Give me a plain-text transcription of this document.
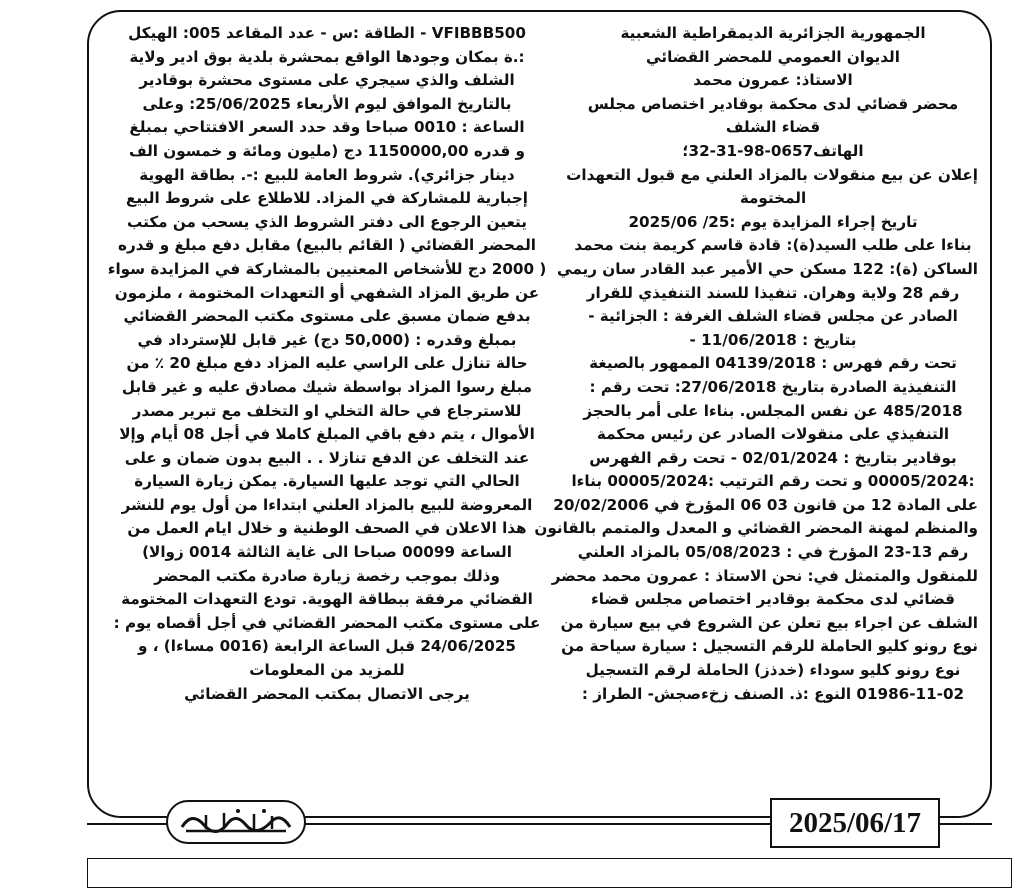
الجمهورية الجزائرية الديمقراطية الشعبية
الديوان العمومي للمحضر القضائي
الاستاذ: عمرون محمد
محضر قضائي لدى محكمة بوقادير اختصاص مجلس
قضاء الشلف
الهاتف0657-98-31-32؛
إعلان عن بيع منقولات بالمزاد العلني مع قبول التعهدات
المختومة
تاريخ إجراء المزايدة يوم :25/ 2025/06
بناءا على طلب السيد(ة): قادة قاسم كريمة بنت محمد
الساكن (ة): 122 مسكن حي الأمير عبد القادر سان ريمي
رقم 28 ولاية وهران. تنفيذا للسند التنفيذي للقرار
الصادر عن مجلس قضاء الشلف الغرفة : الجزائية -
بتاريخ : 11/06/2018 -
تحت رقم فهرس : 04139/2018 الممهور بالصيغة
التنفيذية الصادرة بتاريخ 27/06/2018: تحت رقم :
485/2018 عن نفس المجلس. بناءا على أمر بالحجز
التنفيذي على منقولات الصادر عن رئيس محكمة
بوقادير بتاريخ : 02/01/2024 - تحت رقم الفهرس
:00005/2024 و تحت رقم الترتيب :00005/2024 بناءا
على المادة 12 من قانون 03 06 المؤرخ في 20/02/2006
والمنظم لمهنة المحضر القضائي و المعدل والمتمم بالقانون
رقم 13-23 المؤرخ في : 05/08/2023 بالمزاد العلني
للمنقول والمتمثل في: نحن الاستاذ : عمرون محمد محضر
قضائي لدى محكمة بوقادير اختصاص مجلس قضاء
الشلف عن اجراء بيع تعلن عن الشروع في بيع سيارة من
نوع رونو كليو الحاملة للرقم التسجيل : سيارة سياحة من
نوع رونو كليو سوداء (خدذز) الحاملة لرقم التسجيل
01986-11-02 النوع :ذ. الصنف زخءصجش- الطراز :
VFIBBB500 - الطاقة :س - عدد المقاعد 005: الهيكل
:.ة بمكان وجودها الواقع بمحشرة بلدية بوق ادير ولاية
الشلف والذي سيجري على مستوى محشرة بوقادير
بالتاريخ الموافق ليوم الأربعاء 25/06/2025: وعلى
الساعة : 0010 صباحا وقد حدد السعر الافتتاحي بمبلغ
و قدره 1150000,00 دج (مليون ومائة و خمسون الف
دينار جزائري). شروط العامة للبيع :-. بطاقة الهوية
إجبارية للمشاركة في المزاد. للاطلاع على شروط البيع
يتعين الرجوع الى دفتر الشروط الذي يسحب من مكتب
المحضر القضائي ( القائم بالبيع) مقابل دفع مبلغ و قدره
( 2000 دج للأشخاص المعنيين بالمشاركة في المزايدة سواء
عن طريق المزاد الشفهي أو التعهدات المختومة ، ملزمون
بدفع ضمان مسبق على مستوى مكتب المحضر القضائي
بمبلغ وقدره : (50,000 دج) غير قابل للإسترداد في
حالة تنازل على الراسي عليه المزاد دفع مبلغ 20 ٪ من
مبلغ رسوا المزاد بواسطة شيك مصادق عليه و غير قابل
للاسترجاع في حالة التخلي او التخلف مع تبرير مصدر
الأموال ، يتم دفع باقي المبلغ كاملا في أجل 08 أيام وإلا
عند التخلف عن الدفع تنازلا . . البيع بدون ضمان و على
الحالي التي توجد عليها السيارة. يمكن زيارة السيارة
المعروضة للبيع بالمزاد العلني ابتداءا من أول يوم للنشر
هذا الاعلان في الصحف الوطنية و خلال ايام العمل من
الساعة 00099 صباحا الى غاية الثالثة 0014 زوالا)
وذلك بموجب رخصة زيارة صادرة مكتب المحضر
القضائي مرفقة ببطاقة الهوية. تودع التعهدات المختومة
على مستوى مكتب المحضر القضائي في أجل أقصاه يوم :
24/06/2025 قبل الساعة الرابعة (0016 مساءا) ، و
للمزيد من المعلومات
يرجى الاتصال بمكتب المحضر القضائي
2025/06/17
